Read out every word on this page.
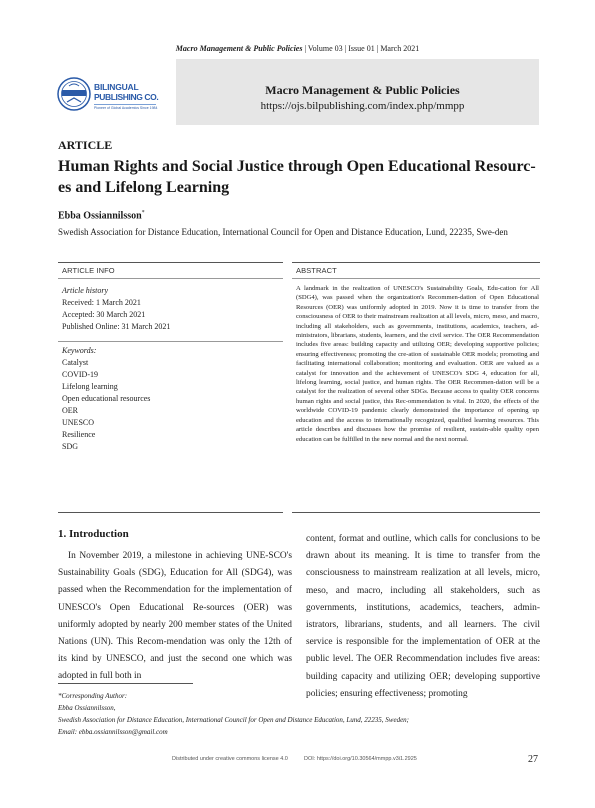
Macro Management & Public Policies | Volume 03 | Issue 01 | March 2021
BILINGUAL
PUBLISHING CO.
Pioneer of Global Academics Since 1984
Macro Management & Public Policies
https://ojs.bilpublishing.com/index.php/mmpp
ARTICLE
Human Rights and Social Justice through Open Educational Resourc-es and Lifelong Learning
Ebba Ossiannilsson*
Swedish Association for Distance Education, International Council for Open and Distance Education, Lund, 22235, Swe-den
ARTICLE INFO	ABSTRACT
Article history
Received: 1 March 2021
Accepted: 30 March 2021
Published Online: 31 March 2021
Keywords:
Catalyst
COVID-19
Lifelong learning
Open educational resources
OER
UNESCO
Resilience
SDG
A landmark in the realization of UNESCO's Sustainability Goals, Edu-cation for All (SDG4), was passed when the organization's Recommen-dation of Open Educational Resources (OER) was uniformly adopted in 2019. Now it is time to transfer from the consciousness of OER to their mainstream realization at all levels, micro, meso, and macro, including all stakeholders, such as governments, institutions, academics, teachers, ad-ministrators, librarians, students, learners, and the civil service. The OER Recommendation includes five areas: building capacity and utilizing OER; developing supportive policies; ensuring effectiveness; promoting the cre-ation of sustainable OER models; promoting and facilitating international collaboration; monitoring and evaluation. OER are valued as a catalyst for innovation and the achievement of UNESCO's SDG 4, education for all, lifelong learning, social justice, and human rights. The OER Recommen-dation will be a catalyst for the realization of several other SDGs. Because access to quality OER concerns human rights and social justice, this Rec-ommendation is vital. In 2020, the effects of the worldwide COVID-19 pandemic clearly demonstrated the importance of opening up education and the access to internationally recognized, qualified learning resources. This article describes and discusses how the promise of resilient, sustain-able quality open education can be fulfilled in the new normal and the next normal.
1. Introduction
In November 2019, a milestone in achieving UNE-SCO's Sustainability Goals (SDG), Education for All (SDG4), was passed when the Recommendation for the implementation of UNESCO's Open Educational Re-sources (OER) was uniformly adopted by nearly 200 member states of the United Nations (UN). This Recom-mendation was only the 12th of its kind by UNESCO, and just the second one which was adopted in full both in
content, format and outline, which calls for conclusions to be drawn about its meaning. It is time to transfer from the consciousness to mainstream realization at all levels, micro, meso, and macro, including all stakeholders, such as governments, institutions, academics, teachers, admin-istrators, librarians, students, and all learners. The civil service is responsible for the implementation of OER at the public level. The OER Recommendation includes five areas: building capacity and utilizing OER; developing supportive policies; ensuring effectiveness; promoting
*Corresponding Author:
Ebba Ossiannilsson,
Swedish Association for Distance Education, International Council for Open and Distance Education, Lund, 22235, Sweden;
Email: ebba.ossiannilsson@gmail.com
Distributed under creative commons license 4.0	DOI: https://doi.org/10.30564/mmpp.v3i1.2925	27
